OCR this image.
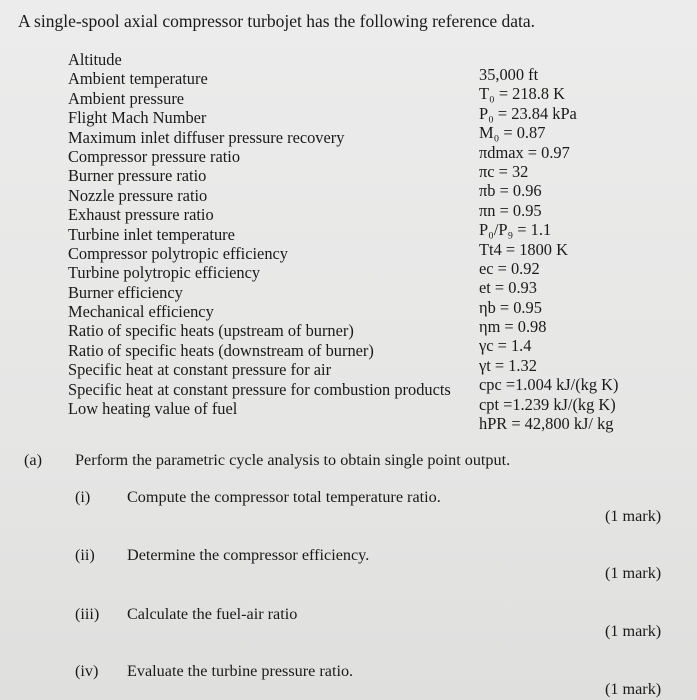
A single-spool axial compressor turbojet has the following reference data.
Altitude
Ambient temperature
Ambient pressure
Flight Mach Number
Maximum inlet diffuser pressure recovery
Compressor pressure ratio
Burner pressure ratio
Nozzle pressure ratio
Exhaust pressure ratio
Turbine inlet temperature
Compressor polytropic efficiency
Turbine polytropic efficiency
Burner efficiency
Mechanical efficiency
Ratio of specific heats (upstream of burner)
Ratio of specific heats (downstream of burner)
Specific heat at constant pressure for air
Specific heat at constant pressure for combustion products
Low heating value of fuel
35,000 ft
T₀ = 218.8 K
P₀ = 23.84 kPa
M₀ = 0.87
πdmax = 0.97
πc = 32
πb = 0.96
πn = 0.95
P₀/P₉ = 1.1
Tt4 = 1800 K
ec = 0.92
et = 0.93
ηb = 0.95
ηm = 0.98
γc = 1.4
γt = 1.32
cpc =1.004 kJ/(kg K)
cpt =1.239 kJ/(kg K)
hPR = 42,800 kJ/ kg
(a) Perform the parametric cycle analysis to obtain single point output.
(i) Compute the compressor total temperature ratio.
(1 mark)
(ii) Determine the compressor efficiency.
(1 mark)
(iii) Calculate the fuel-air ratio
(1 mark)
(iv) Evaluate the turbine pressure ratio.
(1 mark)
